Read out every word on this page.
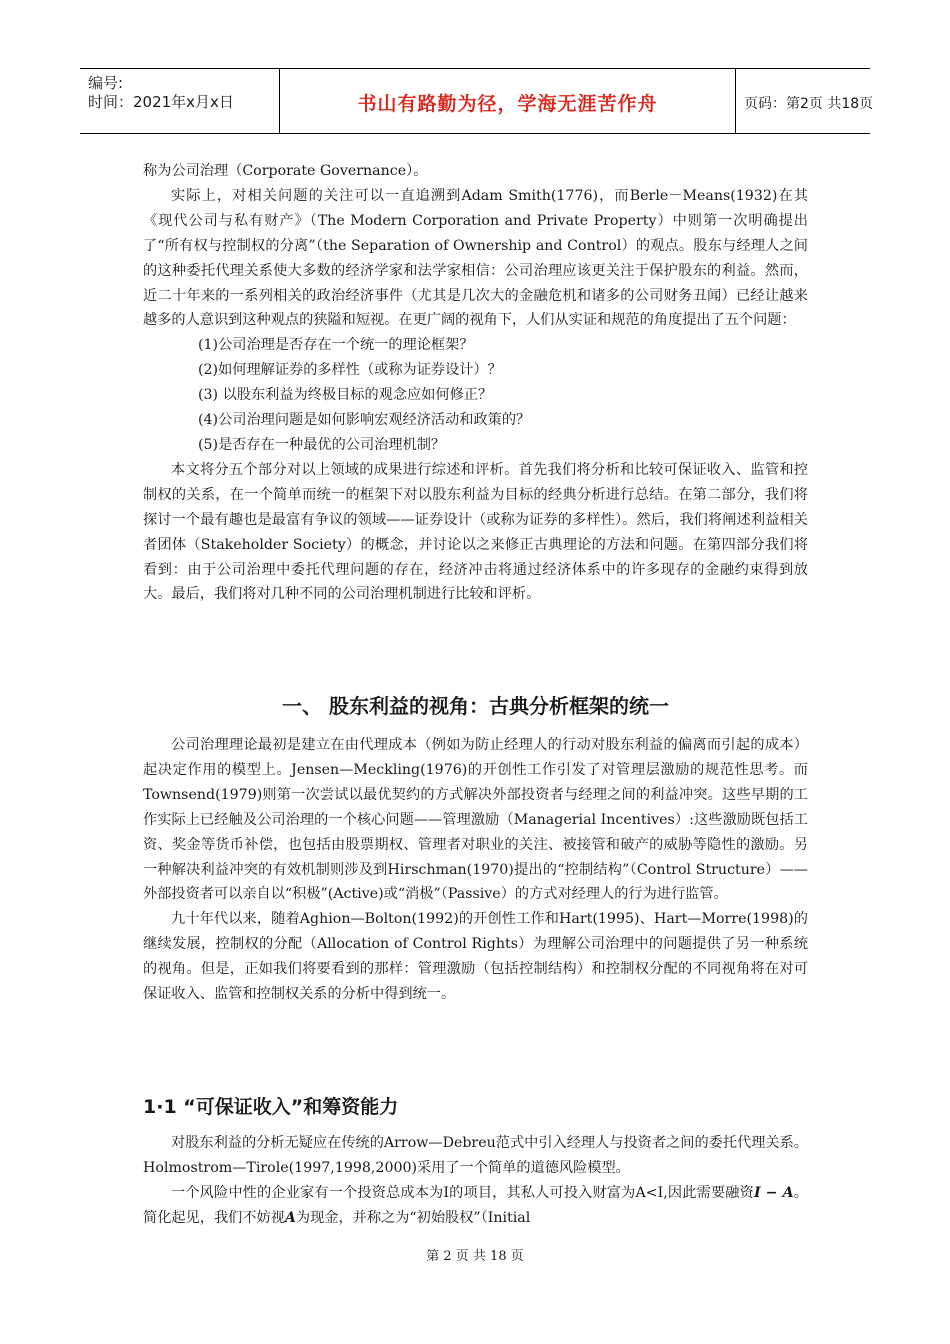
编号:
时间：2021年x月x日	书山有路勤为径，学海无涯苦作舟	页码：第2页 共18页

称为公司治理（Corporate Governance）。

实际上，对相关问题的关注可以一直追溯到Adam Smith(1776)，而Berle－Means(1932)在其《现代公司与私有财产》（The Modern Corporation and Private Property）中则第一次明确提出了“所有权与控制权的分离”（the Separation of Ownership and Control）的观点。股东与经理人之间的这种委托代理关系使大多数的经济学家和法学家相信：公司治理应该更关注于保护股东的利益。然而，近二十年来的一系列相关的政治经济事件（尤其是几次大的金融危机和诸多的公司财务丑闻）已经让越来越多的人意识到这种观点的狭隘和短视。在更广阔的视角下，人们从实证和规范的角度提出了五个问题：

(1)公司治理是否存在一个统一的理论框架？

(2)如何理解证券的多样性（或称为证券设计）？

(3) 以股东利益为终极目标的观念应如何修正？

(4)公司治理问题是如何影响宏观经济活动和政策的？

(5)是否存在一种最优的公司治理机制？

本文将分五个部分对以上领域的成果进行综述和评析。首先我们将分析和比较可保证收入、监管和控制权的关系，在一个简单而统一的框架下对以股东利益为目标的经典分析进行总结。在第二部分，我们将探讨一个最有趣也是最富有争议的领域——证券设计（或称为证券的多样性）。然后，我们将阐述利益相关者团体（Stakeholder Society）的概念，并讨论以之来修正古典理论的方法和问题。在第四部分我们将看到：由于公司治理中委托代理问题的存在，经济冲击将通过经济体系中的许多现存的金融约束得到放大。最后，我们将对几种不同的公司治理机制进行比较和评析。

一、 股东利益的视角：古典分析框架的统一

公司治理理论最初是建立在由代理成本（例如为防止经理人的行动对股东利益的偏离而引起的成本）起决定作用的模型上。Jensen—Meckling(1976)的开创性工作引发了对管理层激励的规范性思考。而Townsend(1979)则第一次尝试以最优契约的方式解决外部投资者与经理之间的利益冲突。这些早期的工作实际上已经触及公司治理的一个核心问题——管理激励（Managerial Incentives）:这些激励既包括工资、奖金等货币补偿，也包括由股票期权、管理者对职业的关注、被接管和破产的威胁等隐性的激励。另一种解决利益冲突的有效机制则涉及到Hirschman(1970)提出的“控制结构”（Control Structure）——外部投资者可以亲自以“积极”(Active)或“消极”（Passive）的方式对经理人的行为进行监管。

九十年代以来，随着Aghion—Bolton(1992)的开创性工作和Hart(1995)、Hart—Morre(1998)的继续发展，控制权的分配（Allocation of Control Rights）为理解公司治理中的问题提供了另一种系统的视角。但是，正如我们将要看到的那样：管理激励（包括控制结构）和控制权分配的不同视角将在对可保证收入、监管和控制权关系的分析中得到统一。

1·1 “可保证收入”和筹资能力

对股东利益的分析无疑应在传统的Arrow—Debreu范式中引入经理人与投资者之间的委托代理关系。Holmostrom—Tirole(1997,1998,2000)采用了一个简单的道德风险模型。

一个风险中性的企业家有一个投资总成本为I的项目，其私人可投入财富为A<I,因此需要融资I − A。简化起见，我们不妨视A为现金，并称之为“初始股权”（Initial

第 2 页 共 18 页
